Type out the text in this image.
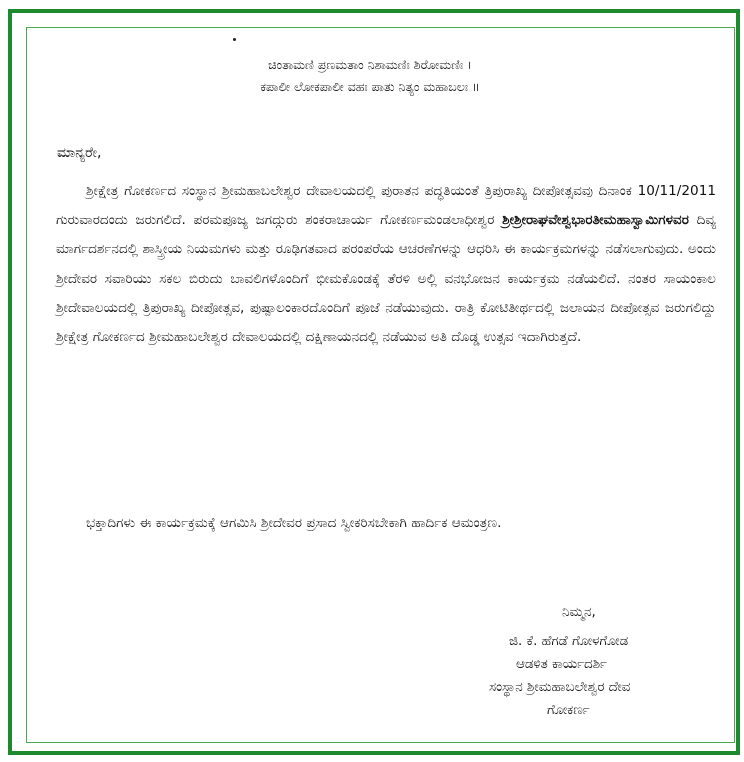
ಚಿಂತಾಮಣಿ ಪ್ರಣಮತಾಂ ನಿಶಾಮಣಿಃ ಶಿರೋಮಣಿಃ ।
ಕಪಾಲೀ ಲೋಕಪಾಲೀ ವಹಃ ಪಾತು ನಿತ್ಯಂ ಮಹಾಬಲಃ ॥
ಮಾನ್ಯರೇ,
ಶ್ರೀಕ್ಷೇತ್ರ ಗೋಕರ್ಣದ ಸಂಸ್ಥಾನ ಶ್ರೀಮಹಾಬಲೇಶ್ವರ ದೇವಾಲಯದಲ್ಲಿ ಪುರಾತನ ಪದ್ಧತಿಯಂತೆ ತ್ರಿಪುರಾಖ್ಯ ದೀಪೋತ್ಸವವು ದಿನಾಂಕ 10/11/2011 ಗುರುವಾರದಂದು ಜರುಗಲಿದೆ. ಪರಮಪೂಜ್ಯ ಜಗದ್ಗುರು ಶಂಕರಾಚಾರ್ಯ ಗೋಕರ್ಣಮಂಡಲಾಧೀಶ್ವರ ಶ್ರೀಶ್ರೀರಾಘವೇಶ್ವಭಾರತೀಮಹಾಸ್ವಾಮಿಗಳವರ ದಿವ್ಯ ಮಾರ್ಗದರ್ಶನದಲ್ಲಿ ಶಾಸ್ತ್ರೀಯ ನಿಯಮಗಳು ಮತ್ತು ರೂಢಿಗತವಾದ ಪರಂಪರೆಯ ಆಚರಣೆಗಳನ್ನು ಆಧರಿಸಿ ಈ ಕಾರ್ಯಕ್ರಮಗಳನ್ನು ನಡೆಸಲಾಗುವುದು. ಅಂದು ಶ್ರೀದೇವರ ಸವಾರಿಯು ಸಕಲ ಬಿರುದು ಬಾವಲಿಗಳೊಂದಿಗೆ ಭೀಮಕೊಂಡಕ್ಕೆ ತೆರಳಿ ಅಲ್ಲಿ ವನಭೋಜನ ಕಾರ್ಯಕ್ರಮ ನಡೆಯಲಿದೆ. ನಂತರ ಸಾಯಂಕಾಲ ಶ್ರೀದೇವಾಲಯದಲ್ಲಿ ತ್ರಿಪುರಾಖ್ಯ ದೀಪೋತ್ಸವ, ಪುಷ್ಪಾಲಂಕಾರದೊಂದಿಗೆ ಪೂಜೆ ನಡೆಯುವುದು. ರಾತ್ರಿ ಕೋಟಿತೀರ್ಥದಲ್ಲಿ ಜಲಾಯನ ದೀಪೋತ್ಸವ ಜರುಗಲಿದ್ದು ಶ್ರೀಕ್ಷೇತ್ರ ಗೋಕರ್ಣದ ಶ್ರೀಮಹಾಬಲೇಶ್ವರ ದೇವಾಲಯದಲ್ಲಿ ದಕ್ಷಿಣಾಯನದಲ್ಲಿ ನಡೆಯುವ ಅತಿ ದೊಡ್ಡ ಉತ್ಸವ ಇದಾಗಿರುತ್ತದೆ.
ಭಕ್ತಾದಿಗಳು ಈ ಕಾರ್ಯಕ್ರಮಕ್ಕೆ ಆಗಮಿಸಿ ಶ್ರೀದೇವರ ಪ್ರಸಾದ ಸ್ವೀಕರಿಸಬೇಕಾಗಿ ಹಾರ್ದಿಕ ಆಮಂತ್ರಣ.
ನಿಮ್ಮನ,
ಜಿ. ಕೆ. ಹೆಗಡೆ ಗೋಳಗೋಡ
ಆಡಳಿತ ಕಾರ್ಯದರ್ಶಿ
ಸಂಸ್ಥಾನ ಶ್ರೀಮಹಾಬಲೇಶ್ವರ ದೇವ
ಗೋಕರ್ಣ
